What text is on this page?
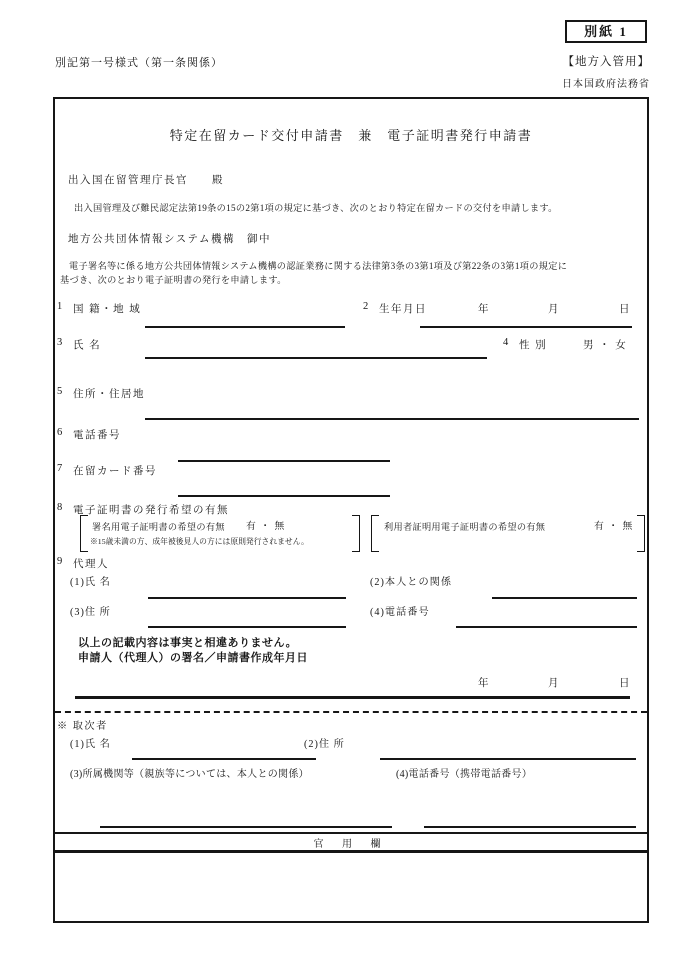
別紙 1
別記第一号様式（第一条関係）	【地方入管用】
日本国政府法務省
特定在留カード交付申請書　兼　電子証明書発行申請書
出入国在留管理庁長官　　殿
出入国管理及び難民認定法第19条の15の2第1項の規定に基づき、次のとおり特定在留カードの交付を申請します。
地方公共団体情報システム機構　御中
電子署名等に係る地方公共団体情報システム機構の認証業務に関する法律第3条の3第1項及び第22条の3第1項の規定に
基づき、次のとおり電子証明書の発行を申請します。
1 国 籍・地 域	2 生年月日	年	月	日
3 氏 名	4 性 別	男 ・ 女
5 住所・住居地
6 電話番号
7 在留カード番号
8 電子証明書の発行希望の有無
署名用電子証明書の希望の有無 有 ・ 無
※15歳未満の方、成年被後見人の方には原則発行されません。
利用者証明用電子証明書の希望の有無	有 ・ 無
9 代理人
(1)氏 名	(2)本人との関係
(3)住 所	(4)電話番号
以上の記載内容は事実と相違ありません。
申請人（代理人）の署名／申請書作成年月日
年	月	日
※ 取次者
(1)氏 名	(2)住 所
(3)所属機関等（親族等については、本人との関係）	(4)電話番号（携帯電話番号）
官 用 欄
